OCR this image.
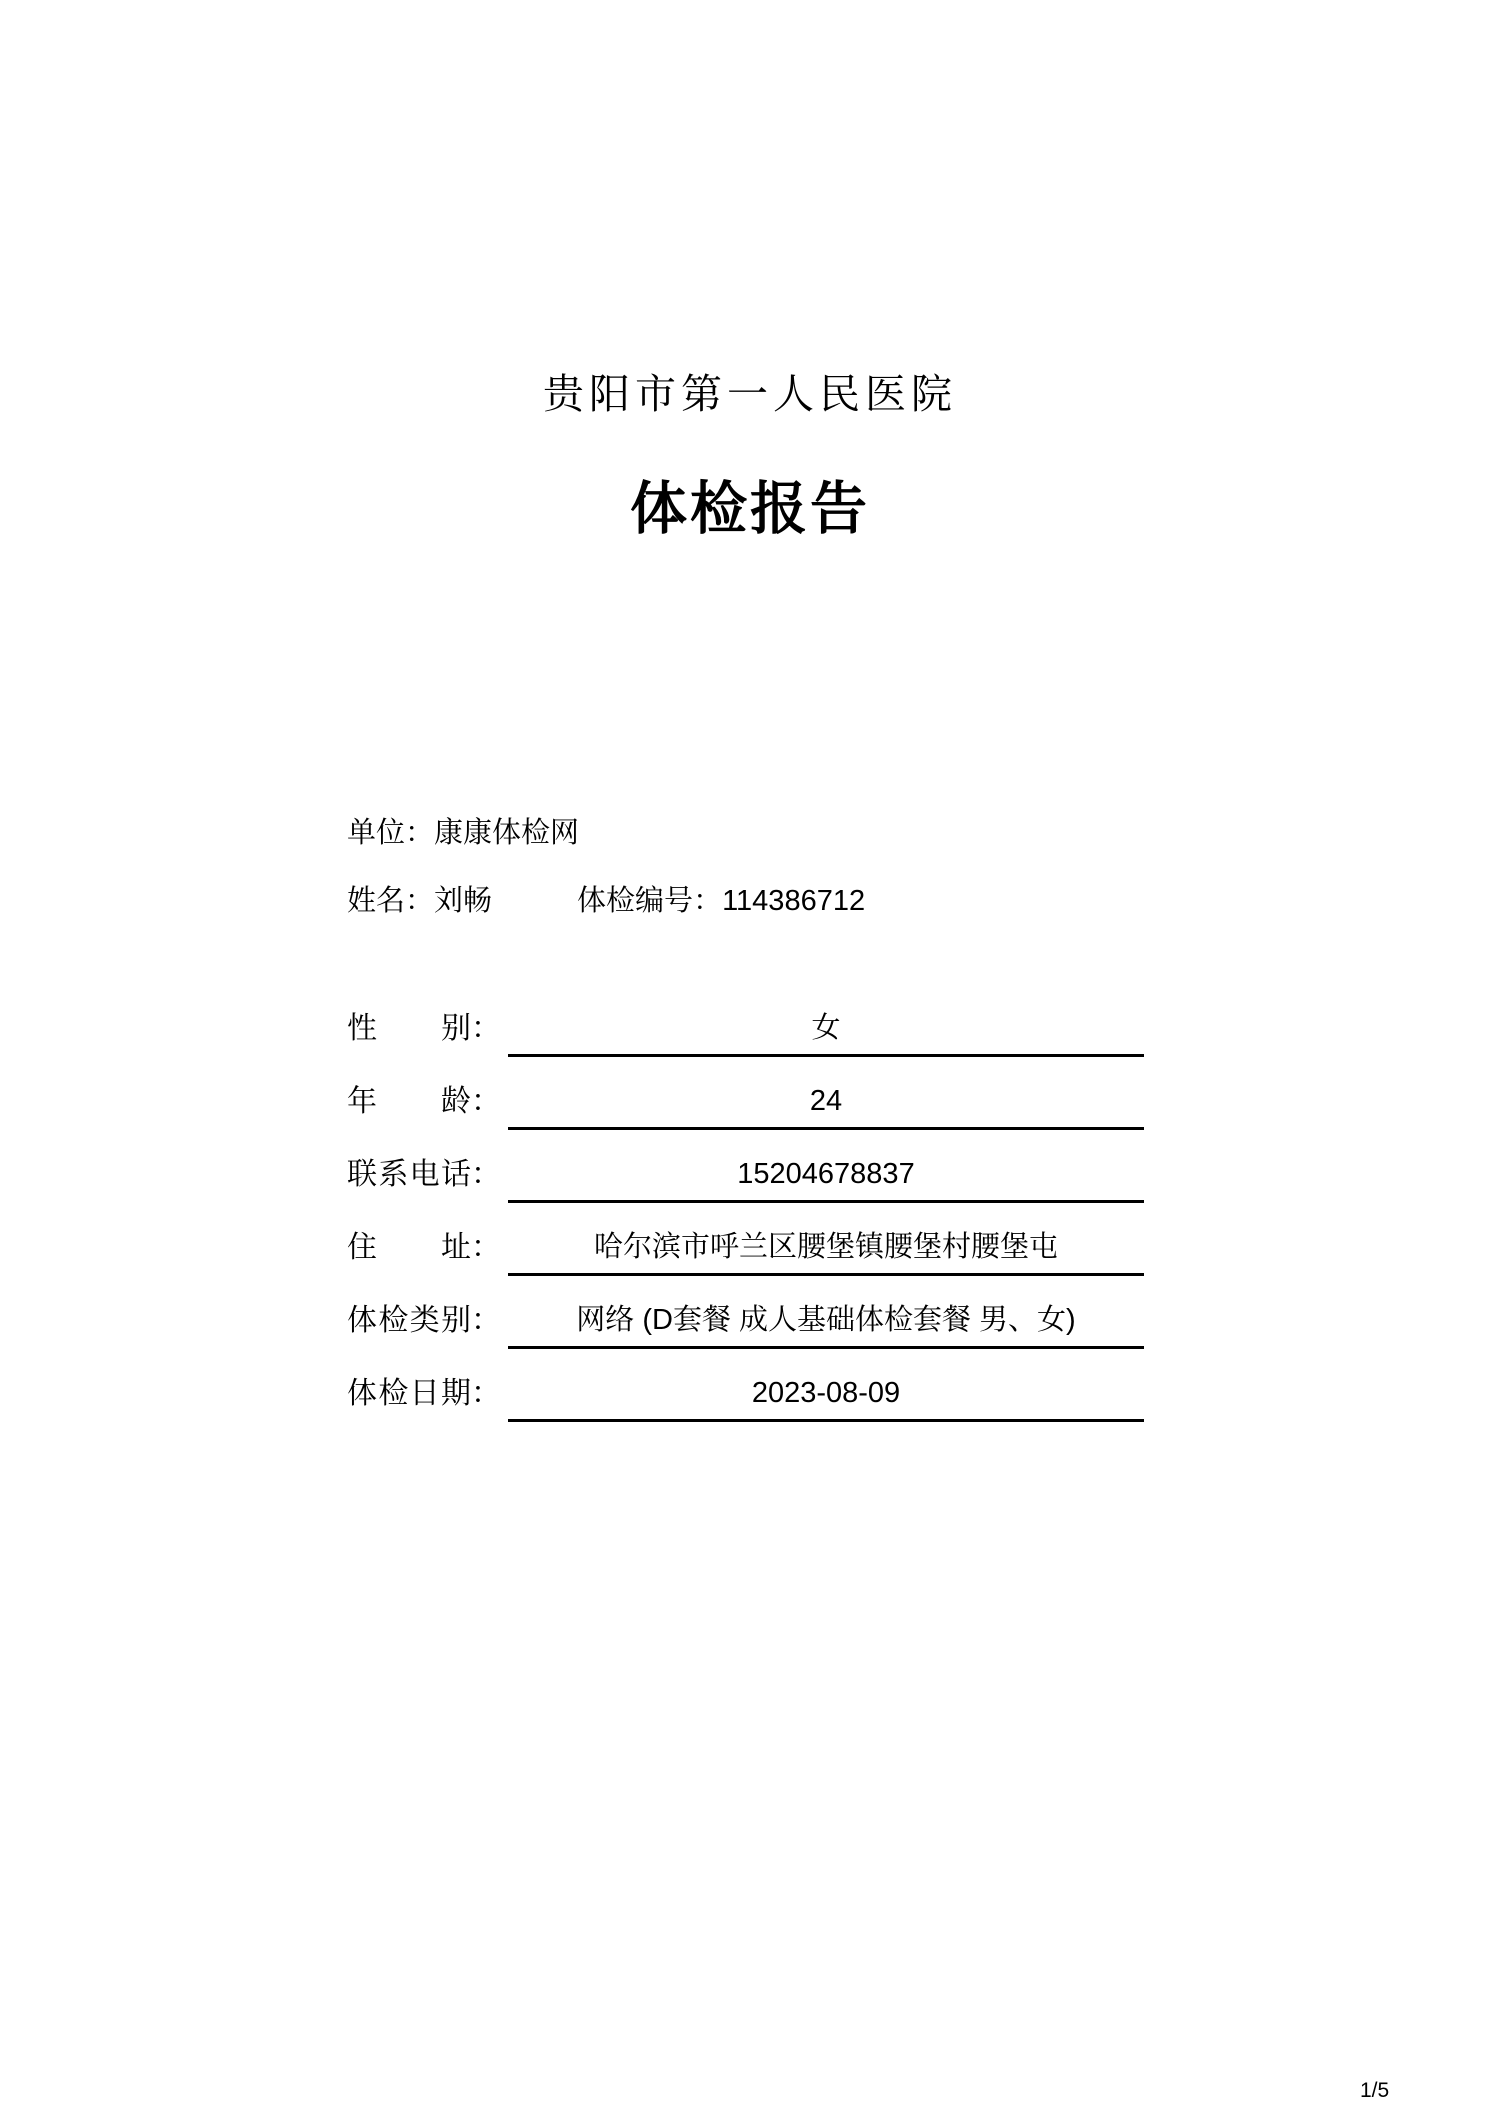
贵阳市第一人民医院
体检报告
单位：康康体检网
姓名：刘畅	体检编号：114386712
性别 ：	女
年龄 ：	24
联系电话 ：	15204678837
住址 ：	哈尔滨市呼兰区腰堡镇腰堡村腰堡屯
体检类别 ：	网络 (D套餐 成人基础体检套餐 男、女)
体检日期 ：	2023-08-09
1/5
